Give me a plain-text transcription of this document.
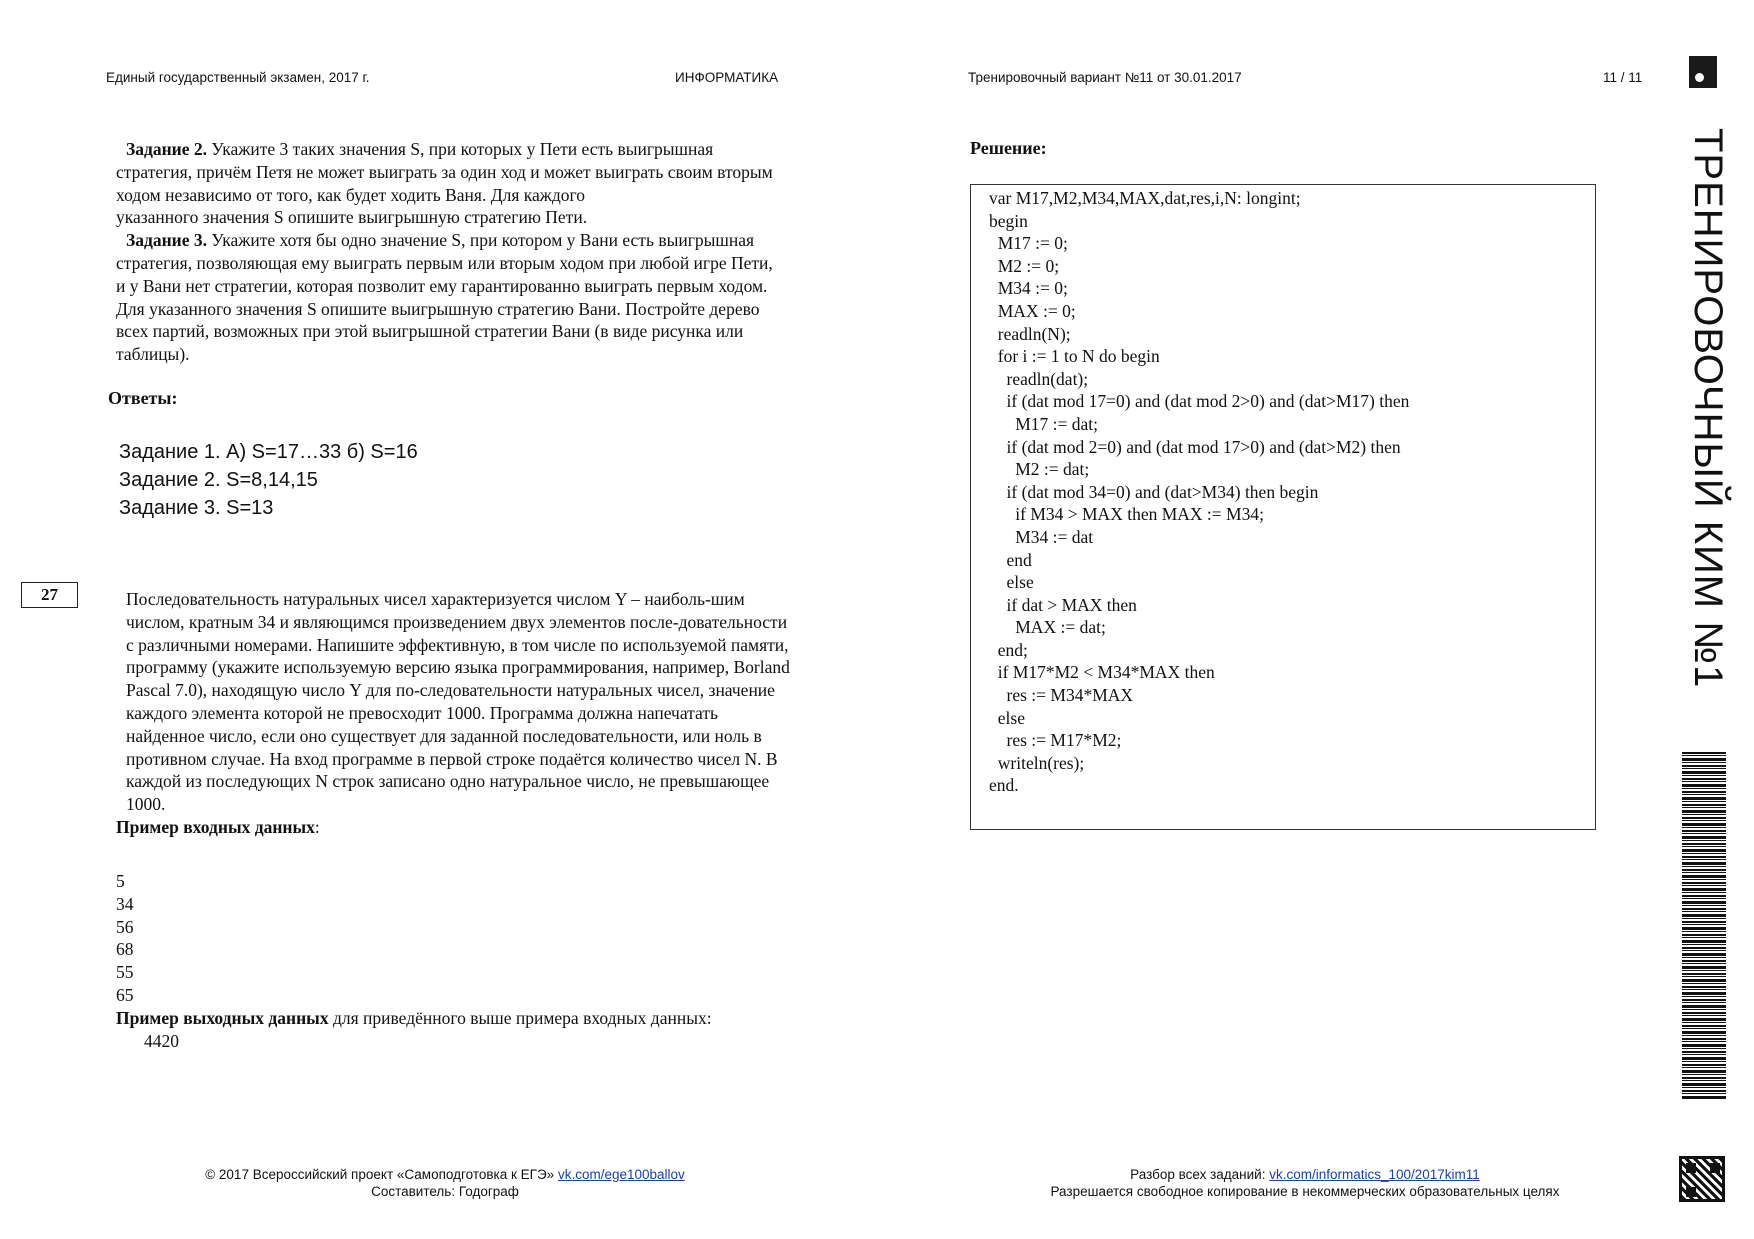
Единый государственный экзамен, 2017 г.	ИНФОРМАТИКА	Тренировочный вариант №11 от 30.01.2017	11 / 11
ТРЕНИРОВОЧНЫЙ КИМ №1

Задание 2. Укажите 3 таких значения S, при которых у Пети есть выигрышная стратегия, причём Петя не может выиграть за один ход и может выиграть своим вторым ходом независимо от того, как будет ходить Ваня. Для каждого

указанного значения S опишите выигрышную стратегию Пети.

Задание 3. Укажите хотя бы одно значение S, при котором у Вани есть выигрышная стратегия, позволяющая ему выиграть первым или вторым ходом при любой игре Пети, и у Вани нет стратегии, которая позволит ему гарантированно выиграть первым ходом. Для указанного значения S опишите выигрышную стратегию Вани. Постройте дерево всех партий, возможных при этой выигрышной стратегии Вани (в виде рисунка или таблицы).

Ответы:
Задание 1. А) S=17…33 б) S=16
Задание 2. S=8,14,15
Задание 3. S=13
27	Последовательность натуральных чисел характеризуется числом Y – наиболь-шим числом, кратным 34 и являющимся произведением двух элементов после-довательности с различными номерами. Напишите эффективную, в том числе по используемой памяти, программу (укажите используемую версию языка программирования, например, Borland Pascal 7.0), находящую число Y для по-следовательности натуральных чисел, значение каждого элемента которой не превосходит 1000. Программа должна напечатать найденное число, если оно существует для заданной последовательности, или ноль в противном случае. На вход программе в первой строке подаётся количество чисел N. В каждой из последующих N строк записано одно натуральное число, не превышающее 1000.

Пример входных данных:

5
34
56
68
55
65
Пример выходных данных для приведённого выше примера входных данных:
4420
Решение:
var M17,M2,M34,MAX,dat,res,i,N: longint;
begin
M17 := 0;
M2 := 0;
M34 := 0;
MAX := 0;
readln(N);
for i := 1 to N do begin
readln(dat);
if (dat mod 17=0) and (dat mod 2>0) and (dat>M17) then
M17 := dat;
if (dat mod 2=0) and (dat mod 17>0) and (dat>M2) then
M2 := dat;
if (dat mod 34=0) and (dat>M34) then begin
if M34 > MAX then MAX := M34;
M34 := dat
end
else
if dat > MAX then
MAX := dat;
end;
if M17*M2 < M34*MAX then
res := M34*MAX
else
res := M17*M2;
writeln(res);
end.
© 2017 Всероссийский проект «Самоподготовка к ЕГЭ» vk.com/ege100ballov
Составитель: Годограф
Разбор всех заданий: vk.com/informatics_100/2017kim11
Разрешается свободное копирование в некоммерческих образовательных целях
